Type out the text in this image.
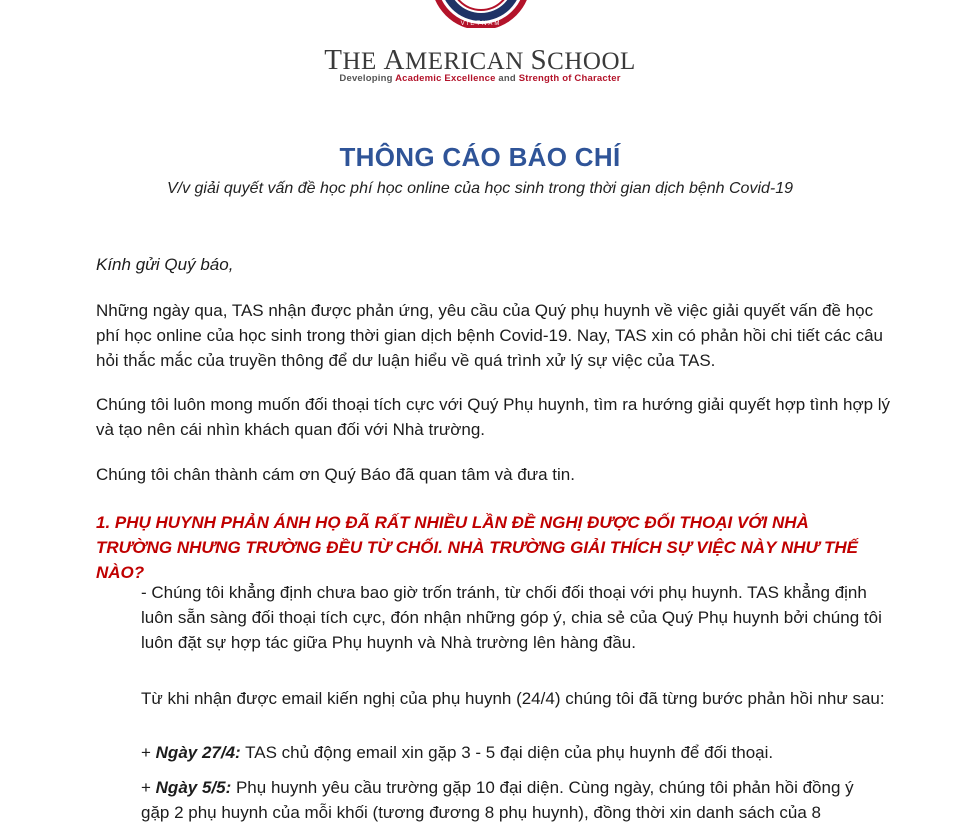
VIETNAM
THE AMERICAN SCHOOL
Developing Academic Excellence and Strength of Character
THÔNG CÁO BÁO CHÍ
V/v giải quyết vấn đề học phí học online của học sinh trong thời gian dịch bệnh Covid-19
Kính gửi Quý báo,
Những ngày qua, TAS nhận được phản ứng, yêu cầu của Quý phụ huynh về việc giải quyết vấn đề học phí học online của học sinh trong thời gian dịch bệnh Covid-19. Nay, TAS xin có phản hồi chi tiết các câu hỏi thắc mắc của truyền thông để dư luận hiểu về quá trình xử lý sự việc của TAS.
Chúng tôi luôn mong muốn đối thoại tích cực với Quý Phụ huynh, tìm ra hướng giải quyết hợp tình hợp lý và tạo nên cái nhìn khách quan đối với Nhà trường.
Chúng tôi chân thành cám ơn Quý Báo đã quan tâm và đưa tin.
1. PHỤ HUYNH PHẢN ÁNH HỌ ĐÃ RẤT NHIỀU LẦN ĐỀ NGHỊ ĐƯỢC ĐỐI THOẠI VỚI NHÀ TRƯỜNG NHƯNG TRƯỜNG ĐỀU TỪ CHỐI. NHÀ TRƯỜNG GIẢI THÍCH SỰ VIỆC NÀY NHƯ THẾ NÀO?
- Chúng tôi khẳng định chưa bao giờ trốn tránh, từ chối đối thoại với phụ huynh. TAS khẳng định luôn sẵn sàng đối thoại tích cực, đón nhận những góp ý, chia sẻ của Quý Phụ huynh bởi chúng tôi luôn đặt sự hợp tác giữa Phụ huynh và Nhà trường lên hàng đầu.
Từ khi nhận được email kiến nghị của phụ huynh (24/4) chúng tôi đã từng bước phản hồi như sau:
+ Ngày 27/4: TAS chủ động email xin gặp 3 - 5 đại diện của phụ huynh để đối thoại.
+ Ngày 5/5: Phụ huynh yêu cầu trường gặp 10 đại diện. Cùng ngày, chúng tôi phản hồi đồng ý gặp 2 phụ huynh của mỗi khối (tương đương 8 phụ huynh), đồng thời xin danh sách của 8
